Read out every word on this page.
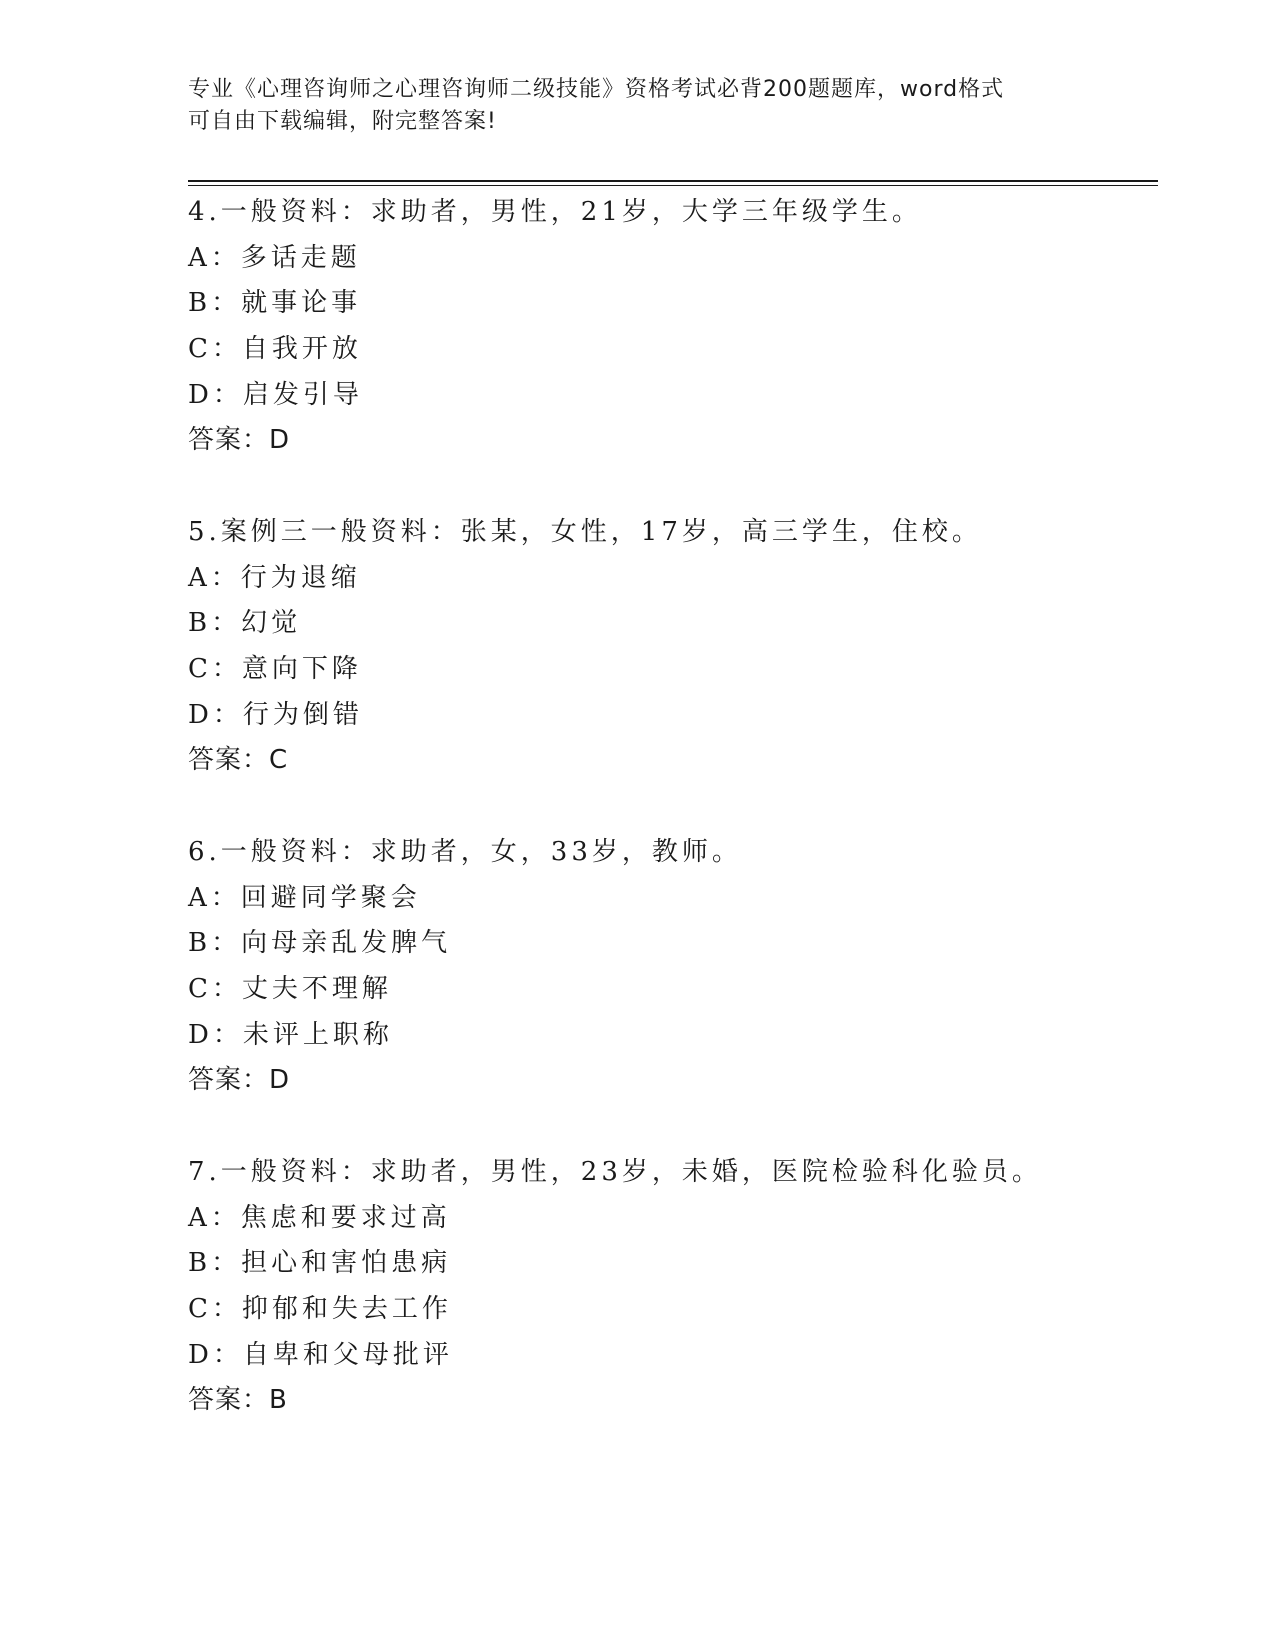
专业《心理咨询师之心理咨询师二级技能》资格考试必背200题题库，word格式
可自由下载编辑，附完整答案!
4.一般资料：求助者，男性，21岁，大学三年级学生。
A：多话走题
B：就事论事
C：自我开放
D：启发引导
答案：D
5.案例三一般资料：张某，女性，17岁，高三学生，住校。
A：行为退缩
B：幻觉
C：意向下降
D：行为倒错
答案：C
6.一般资料：求助者，女，33岁，教师。
A：回避同学聚会
B：向母亲乱发脾气
C：丈夫不理解
D：未评上职称
答案：D
7.一般资料：求助者，男性，23岁，未婚，医院检验科化验员。
A：焦虑和要求过高
B：担心和害怕患病
C：抑郁和失去工作
D：自卑和父母批评
答案：B
